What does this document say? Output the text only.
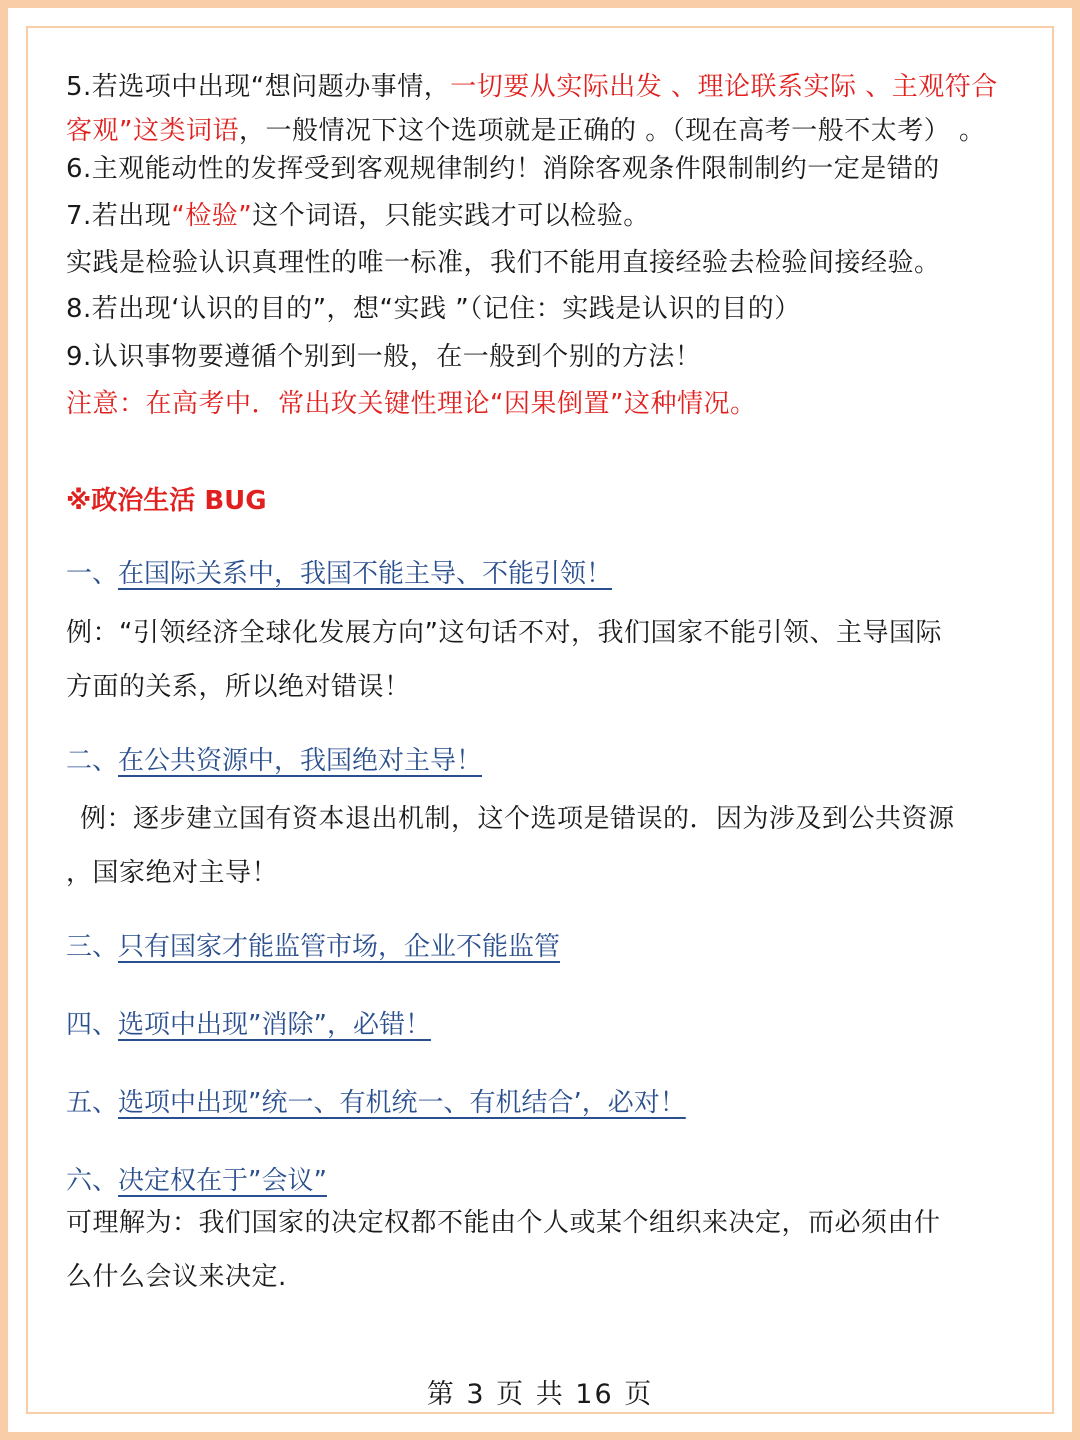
5.若选项中出现“想问题办事情，一切要从实际出发 、理论联系实际 、主观符合
客观”这类词语，一般情况下这个选项就是正确的 。（现在高考一般不太考） 。
6.主观能动性的发挥受到客观规律制约！消除客观条件限制制约一定是错的
7.若出现“检验”这个词语，只能实践才可以检验。
实践是检验认识真理性的唯一标准，我们不能用直接经验去检验间接经验。
8.若出现‘认识的目的”，想“实践 ”（记住：实践是认识的目的）
9.认识事物要遵循个别到一般，在一般到个别的方法！
注意：在高考中．常出玫关键性理论“因果倒置”这种情况。
※政治生活 BUG
一、在国际关系中，我国不能主导、不能引领！
例：“引领经济全球化发展方向”这句话不对，我们国家不能引领、主导国际
方面的关系，所以绝对错误！
二、在公共资源中，我国绝对主导！
例：逐步建立国有资本退出机制，这个选项是错误的．因为涉及到公共资源
，国家绝对主导！
三、只有国家才能监管市场，企业不能监管
四、选项中出现”消除”，必错！
五、选项中出现”统一、有机统一、有机结合’，必对！
六、决定权在于”会议”
可理解为：我们国家的决定权都不能由个人或某个组织来决定，而必须由什
么什么会议来决定.
第 3 页 共 16 页
